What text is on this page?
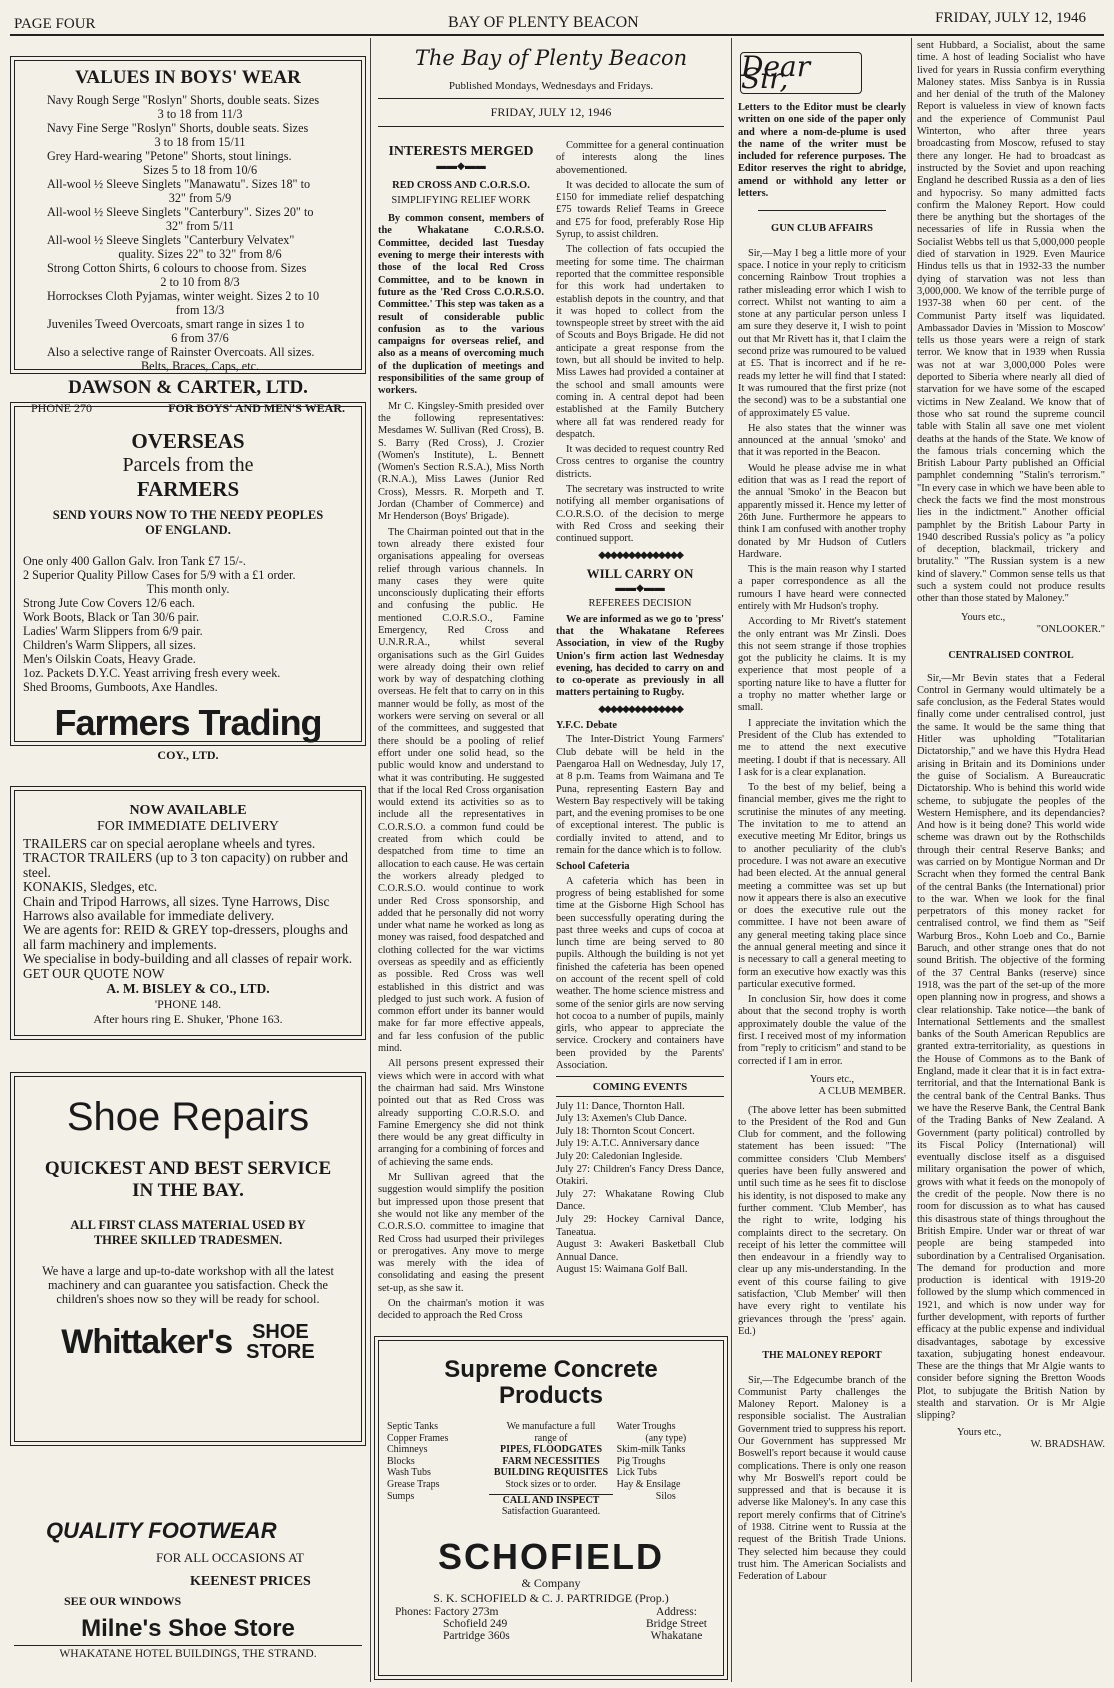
PAGE FOUR	BAY OF PLENTY BEACON	FRIDAY, JULY 12, 1946
VALUES IN BOYS' WEAR

Navy Rough Serge "Roslyn" Shorts, double seats. Sizes

3 to 18 from 11/3

Navy Fine Serge "Roslyn" Shorts, double seats. Sizes

3 to 18 from 15/11

Grey Hard-wearing "Petone" Shorts, stout linings.

Sizes 5 to 18 from 10/6

All-wool ½ Sleeve Singlets "Manawatu". Sizes 18" to

32" from 5/9

All-wool ½ Sleeve Singlets "Canterbury". Sizes 20" to

32" from 5/11

All-wool ½ Sleeve Singlets "Canterbury Velvatex"

quality. Sizes 22" to 32" from 8/6

Strong Cotton Shirts, 6 colours to choose from. Sizes

2 to 10 from 8/3

Horrockses Cloth Pyjamas, winter weight. Sizes 2 to 10

from 13/3

Juveniles Tweed Overcoats, smart range in sizes 1 to

6 from 37/6

Also a selective range of Rainster Overcoats. All sizes.

Belts, Braces, Caps, etc.

DAWSON & CARTER, LTD.
PHONE 270	FOR BOYS' AND MEN'S WEAR.
OVERSEAS
Parcels from the
FARMERS
SEND YOURS NOW TO THE NEEDY PEOPLES
OF ENGLAND.

One only 400 Gallon Galv. Iron Tank £7 15/-.

2 Superior Quality Pillow Cases for 5/9 with a £1 order.

This month only.

Strong Jute Cow Covers 12/6 each.

Work Boots, Black or Tan 30/6 pair.

Ladies' Warm Slippers from 6/9 pair.

Children's Warm Slippers, all sizes.

Men's Oilskin Coats, Heavy Grade.

1oz. Packets D.Y.C. Yeast arriving fresh every week.

Shed Brooms, Gumboots, Axe Handles.

Farmers Trading
COY., LTD.
NOW AVAILABLE
FOR IMMEDIATE DELIVERY

TRAILERS car on special aeroplane wheels and tyres.

TRACTOR TRAILERS (up to 3 ton capacity) on rubber and steel.

KONAKIS, Sledges, etc.

Chain and Tripod Harrows, all sizes. Tyne Harrows, Disc Harrows also available for immediate delivery.

We are agents for: REID & GREY top-dressers, ploughs and all farm machinery and implements.

We specialise in body-building and all classes of repair work. GET OUR QUOTE NOW

A. M. BISLEY & CO., LTD.
'PHONE 148.
After hours ring E. Shuker, 'Phone 163.
Shoe Repairs
QUICKEST AND BEST SERVICE
IN THE BAY.
ALL FIRST CLASS MATERIAL USED BY
THREE SKILLED TRADESMEN.
We have a large and up-to-date workshop with all the latest machinery and can guarantee you satisfaction. Check the children's shoes now so they will be ready for school.
Whittaker's SHOE
STORE
QUALITY FOOTWEAR
FOR ALL OCCASIONS AT
KEENEST PRICES
SEE OUR WINDOWS
Milne's Shoe Store
WHAKATANE HOTEL BUILDINGS, THE STRAND.
The Bay of Plenty Beacon
Published Mondays, Wednesdays and Fridays.
FRIDAY, JULY 12, 1946
INTERESTS MERGED
▬▬◆▬▬
RED CROSS AND C.O.R.S.O.
SIMPLIFYING RELIEF WORK

By common consent, members of the Whakatane C.O.R.S.O. Committee, decided last Tuesday evening to merge their interests with those of the local Red Cross Committee, and to be known in future as the 'Red Cross C.O.R.S.O. Committee.' This step was taken as a result of considerable public confusion as to the various campaigns for overseas relief, and also as a means of overcoming much of the duplication of meetings and responsibilities of the same group of workers.

Mr C. Kingsley-Smith presided over the following representatives: Mesdames W. Sullivan (Red Cross), B. S. Barry (Red Cross), J. Crozier (Women's Institute), L. Bennett (Women's Section R.S.A.), Miss North (R.N.A.), Miss Lawes (Junior Red Cross), Messrs. R. Morpeth and T. Jordan (Chamber of Commerce) and Mr Henderson (Boys' Brigade).

The Chairman pointed out that in the town already there existed four organisations appealing for overseas relief through various channels. In many cases they were quite unconsciously duplicating their efforts and confusing the public. He mentioned C.O.R.S.O., Famine Emergency, Red Cross and U.N.R.R.A., whilst several organisations such as the Girl Guides were already doing their own relief work by way of despatching clothing overseas. He felt that to carry on in this manner would be folly, as most of the workers were serving on several or all of the committees, and suggested that there should be a pooling of relief effort under one solid head, so the public would know and understand to what it was contributing. He suggested that if the local Red Cross organisation would extend its activities so as to include all the representatives in C.O.R.S.O. a common fund could be created from which could be despatched from time to time an allocation to each cause. He was certain the workers already pledged to C.O.R.S.O. would continue to work under Red Cross sponsorship, and added that he personally did not worry under what name he worked as long as money was raised, food despatched and clothing collected for the war victims overseas as speedily and as efficiently as possible. Red Cross was well established in this district and was pledged to just such work. A fusion of common effort under its banner would make for far more effective appeals, and far less confusion of the public mind.

All persons present expressed their views which were in accord with what the chairman had said. Mrs Winstone pointed out that as Red Cross was already supporting C.O.R.S.O. and Famine Emergency she did not think there would be any great difficulty in arranging for a combining of forces and of achieving the same ends.

Mr Sullivan agreed that the suggestion would simplify the position but impressed upon those present that she would not like any member of the C.O.R.S.O. committee to imagine that Red Cross had usurped their privileges or prerogatives. Any move to merge was merely with the idea of consolidating and easing the present set-up, as she saw it.

On the chairman's motion it was decided to approach the Red Cross

Committee for a general continuation of interests along the lines abovementioned.

It was decided to allocate the sum of £150 for immediate relief despatching £75 towards Relief Teams in Greece and £75 for food, preferably Rose Hip Syrup, to assist children.

The collection of fats occupied the meeting for some time. The chairman reported that the committee responsible for this work had undertaken to establish depots in the country, and that it was hoped to collect from the townspeople street by street with the aid of Scouts and Boys Brigade. He did not anticipate a great response from the town, but all should be invited to help. Miss Lawes had provided a container at the school and small amounts were coming in. A central depot had been established at the Family Butchery where all fat was rendered ready for despatch.

It was decided to request country Red Cross centres to organise the country districts.

The secretary was instructed to write notifying all member organisations of C.O.R.S.O. of the decision to merge with Red Cross and seeking their continued support.

◆◆◆◆◆◆◆◆◆◆◆◆◆◆
WILL CARRY ON
▬▬◆▬▬
REFEREES DECISION

We are informed as we go to 'press' that the Whakatane Referees Association, in view of the Rugby Union's firm action last Wednesday evening, has decided to carry on and to co-operate as previously in all matters pertaining to Rugby.

◆◆◆◆◆◆◆◆◆◆◆◆◆◆
Y.F.C. Debate

The Inter-District Young Farmers' Club debate will be held in the Paengaroa Hall on Wednesday, July 17, at 8 p.m. Teams from Waimana and Te Puna, representing Eastern Bay and Western Bay respectively will be taking part, and the evening promises to be one of exceptional interest. The public is cordially invited to attend, and to remain for the dance which is to follow.

School Cafeteria

A cafeteria which has been in progress of being established for some time at the Gisborne High School has been successfully operating during the past three weeks and cups of cocoa at lunch time are being served to 80 pupils. Although the building is not yet finished the cafeteria has been opened on account of the recent spell of cold weather. The home science mistress and some of the senior girls are now serving hot cocoa to a number of pupils, mainly girls, who appear to appreciate the service. Crockery and containers have been provided by the Parents' Association.

COMING EVENTS

July 11: Dance, Thornton Hall.

July 13: Axemen's Club Dance.

July 18: Thornton Scout Concert.

July 19: A.T.C. Anniversary dance

July 20: Caledonian Ingleside.

July 27: Children's Fancy Dress Dance, Otakiri.

July 27: Whakatane Rowing Club Dance.

July 29: Hockey Carnival Dance, Taneatua.

August 3: Awakeri Basketball Club Annual Dance.

August 15: Waimana Golf Ball.

Supreme Concrete
Products
Septic Tanks
Copper Frames
Chimneys
Blocks
Wash Tubs
Grease Traps
Sumps
We manufacture a full
range of
PIPES, FLOODGATES
FARM NECESSITIES
BUILDING REQUISITES
Stock sizes or to order.
CALL AND INSPECT
Satisfaction Guaranteed.
Water Troughs
(any type)
Skim-milk Tanks
Pig Troughs
Lick Tubs
Hay & Ensilage
Silos
SCHOFIELD
& Company
S. K. SCHOFIELD & C. J. PARTRIDGE (Prop.)
Phones: Factory 273m
Schofield 249
Partridge 360s
Address:
Bridge Street
Whakatane
Dear Sir,

Letters to the Editor must be clearly written on one side of the paper only and where a nom-de-plume is used the name of the writer must be included for reference purposes. The Editor reserves the right to abridge, amend or withhold any letter or letters.

GUN CLUB AFFAIRS

Sir,—May I beg a little more of your space. I notice in your reply to criticism concerning Rainbow Trout trophies a rather misleading error which I wish to correct. Whilst not wanting to aim a stone at any particular person unless I am sure they deserve it, I wish to point out that Mr Rivett has it, that I claim the second prize was rumoured to be valued at £5. That is incorrect and if he re-reads my letter he will find that I stated: It was rumoured that the first prize (not the second) was to be a substantial one of approximately £5 value.

He also states that the winner was announced at the annual 'smoko' and that it was reported in the Beacon.

Would he please advise me in what edition that was as I read the report of the annual 'Smoko' in the Beacon but apparently missed it. Hence my letter of 26th June. Furthermore he appears to think I am confused with another trophy donated by Mr Hudson of Cutlers Hardware.

This is the main reason why I started a paper correspondence as all the rumours I have heard were connected entirely with Mr Hudson's trophy.

According to Mr Rivett's statement the only entrant was Mr Zinsli. Does this not seem strange if those trophies got the publicity he claims. It is my experience that most people of a sporting nature like to have a flutter for a trophy no matter whether large or small.

I appreciate the invitation which the President of the Club has extended to me to attend the next executive meeting. I doubt if that is necessary. All I ask for is a clear explanation.

To the best of my belief, being a financial member, gives me the right to scrutinise the minutes of any meeting. The invitation to me to attend an executive meeting Mr Editor, brings us to another peculiarity of the club's procedure. I was not aware an executive had been elected. At the annual general meeting a committee was set up but now it appears there is also an executive or does the executive rule out the committee. I have not been aware of any general meeting taking place since the annual general meeting and since it is necessary to call a general meeting to form an executive how exactly was this particular executive formed.

In conclusion Sir, how does it come about that the second trophy is worth approximately double the value of the first. I received most of my information from "reply to criticism" and stand to be corrected if I am in error.

Yours etc.,
A CLUB MEMBER.

(The above letter has been submitted to the President of the Rod and Gun Club for comment, and the following statement has been issued: "The committee considers 'Club Members' queries have been fully answered and until such time as he sees fit to disclose his identity, is not disposed to make any further comment. 'Club Member', has the right to write, lodging his complaints direct to the secretary. On receipt of his letter the committee will then endeavour in a friendly way to clear up any mis-understanding. In the event of this course failing to give satisfaction, 'Club Member' will then have every right to ventilate his grievances through the 'press' again. Ed.)

THE MALONEY REPORT

Sir,—The Edgecumbe branch of the Communist Party challenges the Maloney Report. Maloney is a responsible socialist. The Australian Government tried to suppress his report. Our Government has suppressed Mr Boswell's report because it would cause complications. There is only one reason why Mr Boswell's report could be suppressed and that is because it is adverse like Maloney's. In any case this report merely confirms that of Citrine's of 1938. Citrine went to Russia at the request of the British Trade Unions. They selected him because they could trust him. The American Socialists and Federation of Labour

sent Hubbard, a Socialist, about the same time. A host of leading Socialist who have lived for years in Russia confirm everything Maloney states. Miss Sanbya is in Russia and her denial of the truth of the Maloney Report is valueless in view of known facts and the experience of Communist Paul Winterton, who after three years broadcasting from Moscow, refused to stay there any longer. He had to broadcast as instructed by the Soviet and upon reaching England he described Russia as a den of lies and hypocrisy. So many admitted facts confirm the Maloney Report. How could there be anything but the shortages of the necessaries of life in Russia when the Socialist Webbs tell us that 5,000,000 people died of starvation in 1929. Even Maurice Hindus tells us that in 1932-33 the number dying of starvation was not less than 3,000,000. We know of the terrible purge of 1937-38 when 60 per cent. of the Communist Party itself was liquidated. Ambassador Davies in 'Mission to Moscow' tells us those years were a reign of stark terror. We know that in 1939 when Russia was not at war 3,000,000 Poles were deported to Siberia where nearly all died of starvation for we have some of the escaped victims in New Zealand. We know that of those who sat round the supreme council table with Stalin all save one met violent deaths at the hands of the State. We know of the famous trials concerning which the British Labour Party published an Official pamphlet condemning "Stalin's terrorism." "In every case in which we have been able to check the facts we find the most monstrous lies in the indictment." Another official pamphlet by the British Labour Party in 1940 described Russia's policy as "a policy of deception, blackmail, trickery and brutality." "The Russian system is a new kind of slavery." Common sense tells us that such a system could not produce results other than those stated by Maloney."

Yours etc.,
"ONLOOKER."
CENTRALISED CONTROL

Sir,—Mr Bevin states that a Federal Control in Germany would ultimately be a safe conclusion, as the Federal States would finally come under centralised control, just the same. It would be the same thing that Hitler was upholding "Totalitarian Dictatorship," and we have this Hydra Head arising in Britain and its Dominions under the guise of Socialism. A Bureaucratic Dictatorship. Who is behind this world wide scheme, to subjugate the peoples of the Western Hemisphere, and its dependancies? And how is it being done? This world wide scheme was drawn out by the Rothschilds through their central Reserve Banks; and was carried on by Montigue Norman and Dr Scracht when they formed the central Bank of the central Banks (the International) prior to the war. When we look for the final perpetrators of this money racket for centralised control, we find them as "Seif Warburg Bros., Kohn Loeb and Co., Barnie Baruch, and other strange ones that do not sound British. The objective of the forming of the 37 Central Banks (reserve) since 1918, was the part of the set-up of the more open planning now in progress, and shows a clear relationship. Take notice—the bank of International Settlements and the smallest banks of the South American Republics are granted extra-territoriality, as questions in the House of Commons as to the Bank of England, made it clear that it is in fact extra-territorial, and that the International Bank is the central bank of the Central Banks. Thus we have the Reserve Bank, the Central Bank of the Trading Banks of New Zealand. A Government (party political) controlled by its Fiscal Policy (International) will eventually disclose itself as a disguised military organisation the power of which, grows with what it feeds on the monopoly of the credit of the people. Now there is no room for discussion as to what has caused this disastrous state of things throughout the British Empire. Under war or threat of war people are being stampeded into subordination by a Centralised Organisation. The demand for production and more production is identical with 1919-20 followed by the slump which commenced in 1921, and which is now under way for further development, with reports of further efficacy at the public expense and individual disadvantages, sabotage by excessive taxation, subjugating honest endeavour. These are the things that Mr Algie wants to consider before signing the Bretton Woods Plot, to subjugate the British Nation by stealth and starvation. Or is Mr Algie slipping?

Yours etc.,
W. BRADSHAW.
